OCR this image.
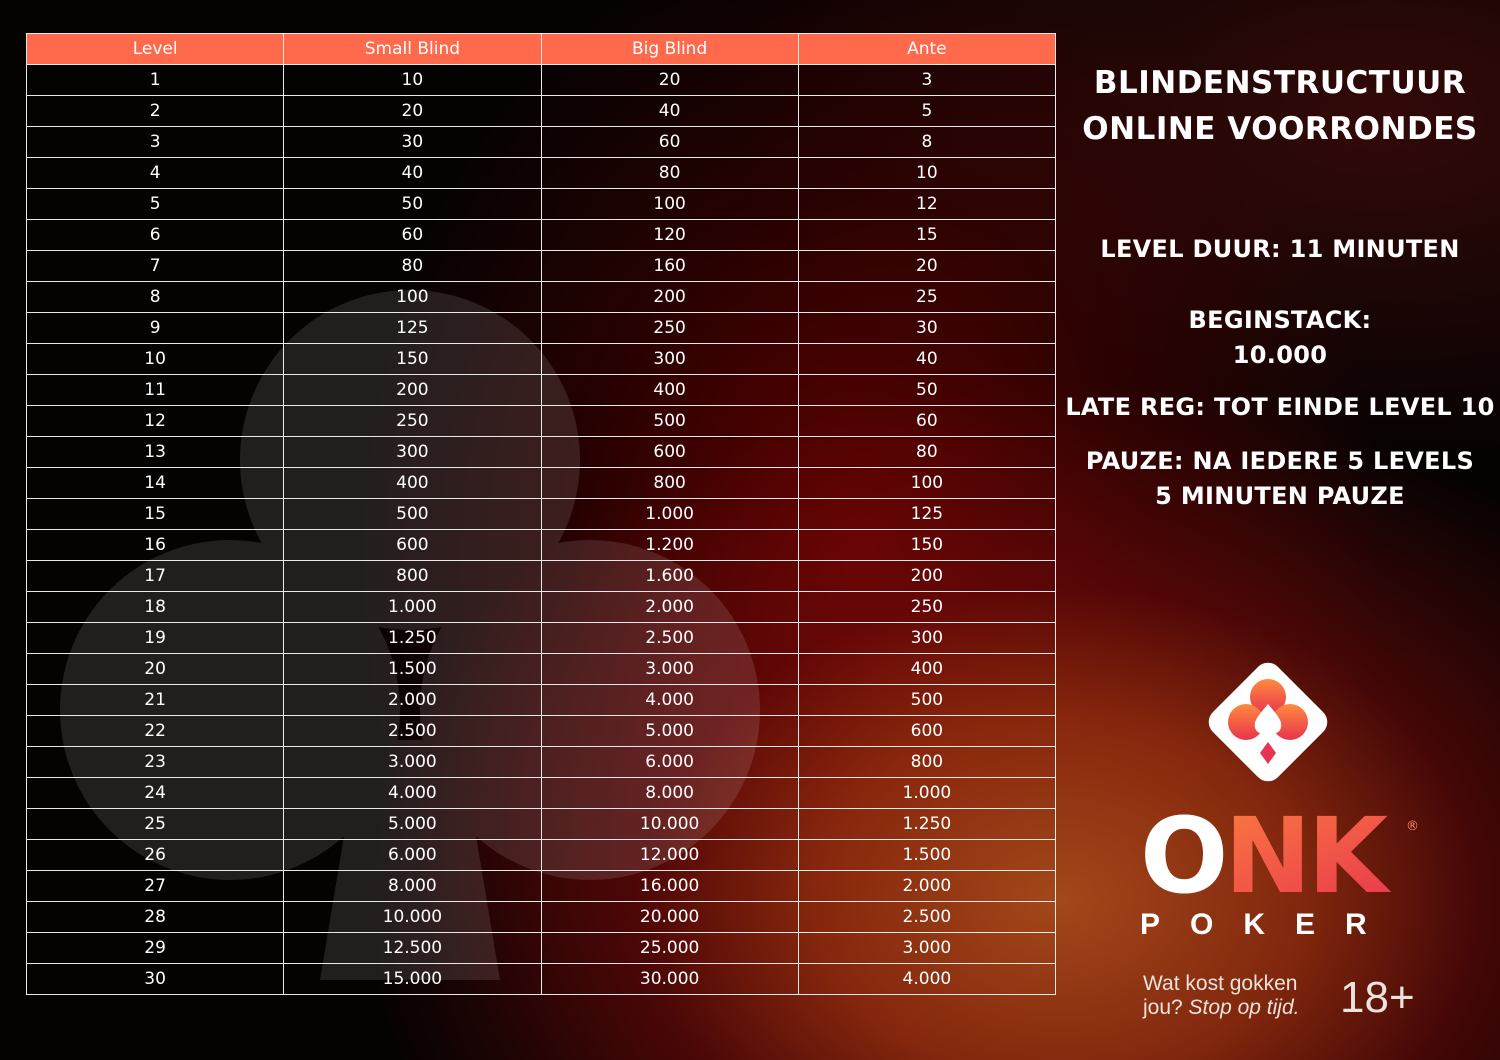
Level	Small Blind	Big Blind	Ante
1	10	20	3
2	20	40	5
3	30	60	8
4	40	80	10
5	50	100	12
6	60	120	15
7	80	160	20
8	100	200	25
9	125	250	30
10	150	300	40
11	200	400	50
12	250	500	60
13	300	600	80
14	400	800	100
15	500	1.000	125
16	600	1.200	150
17	800	1.600	200
18	1.000	2.000	250
19	1.250	2.500	300
20	1.500	3.000	400
21	2.000	4.000	500
22	2.500	5.000	600
23	3.000	6.000	800
24	4.000	8.000	1.000
25	5.000	10.000	1.250
26	6.000	12.000	1.500
27	8.000	16.000	2.000
28	10.000	20.000	2.500
29	12.500	25.000	3.000
30	15.000	30.000	4.000
BLINDENSTRUCTUUR
ONLINE VOORRONDES
LEVEL DUUR: 11 MINUTEN
BEGINSTACK:
10.000
LATE REG: TOT EINDE LEVEL 10
PAUZE: NA IEDERE 5 LEVELS
5 MINUTEN PAUZE
ONK	®
POKER
Wat kost gokken
jou? Stop op tijd. 18+
